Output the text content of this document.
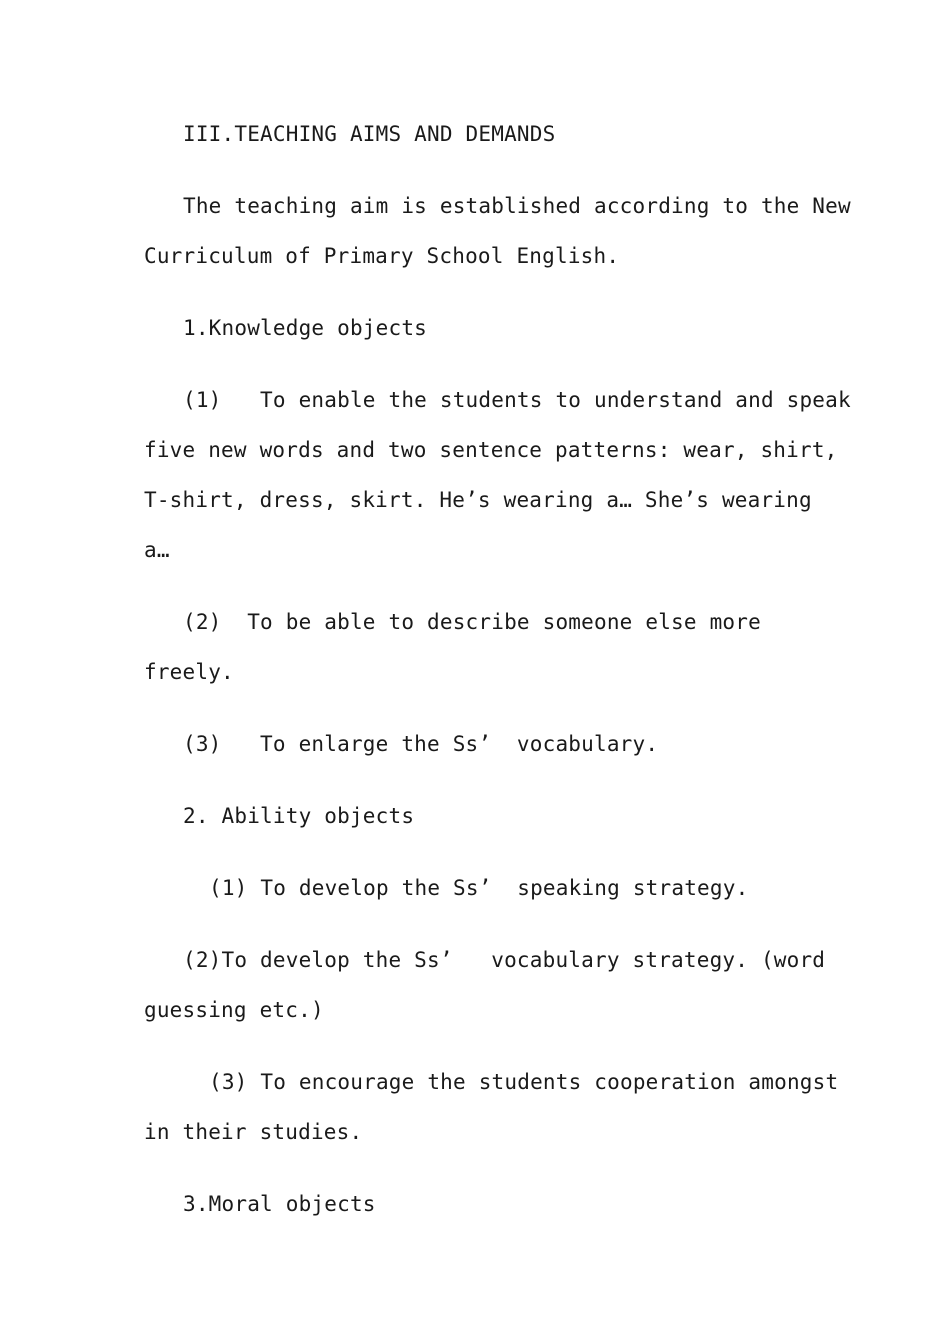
III.TEACHING AIMS AND DEMANDS
The teaching aim is established according to the New
Curriculum of Primary School English.
1.Knowledge objects
(1)   To enable the students to understand and speak
five new words and two sentence patterns: wear, shirt,
T-shirt, dress, skirt. He’s wearing a… She’s wearing
a…
(2)  To be able to describe someone else more
freely.
(3)   To enlarge the Ss’  vocabulary.
2. Ability objects
(1) To develop the Ss’  speaking strategy.
(2)To develop the Ss’   vocabulary strategy. (word
guessing etc.)
(3) To encourage the students cooperation amongst
in their studies.
3.Moral objects
